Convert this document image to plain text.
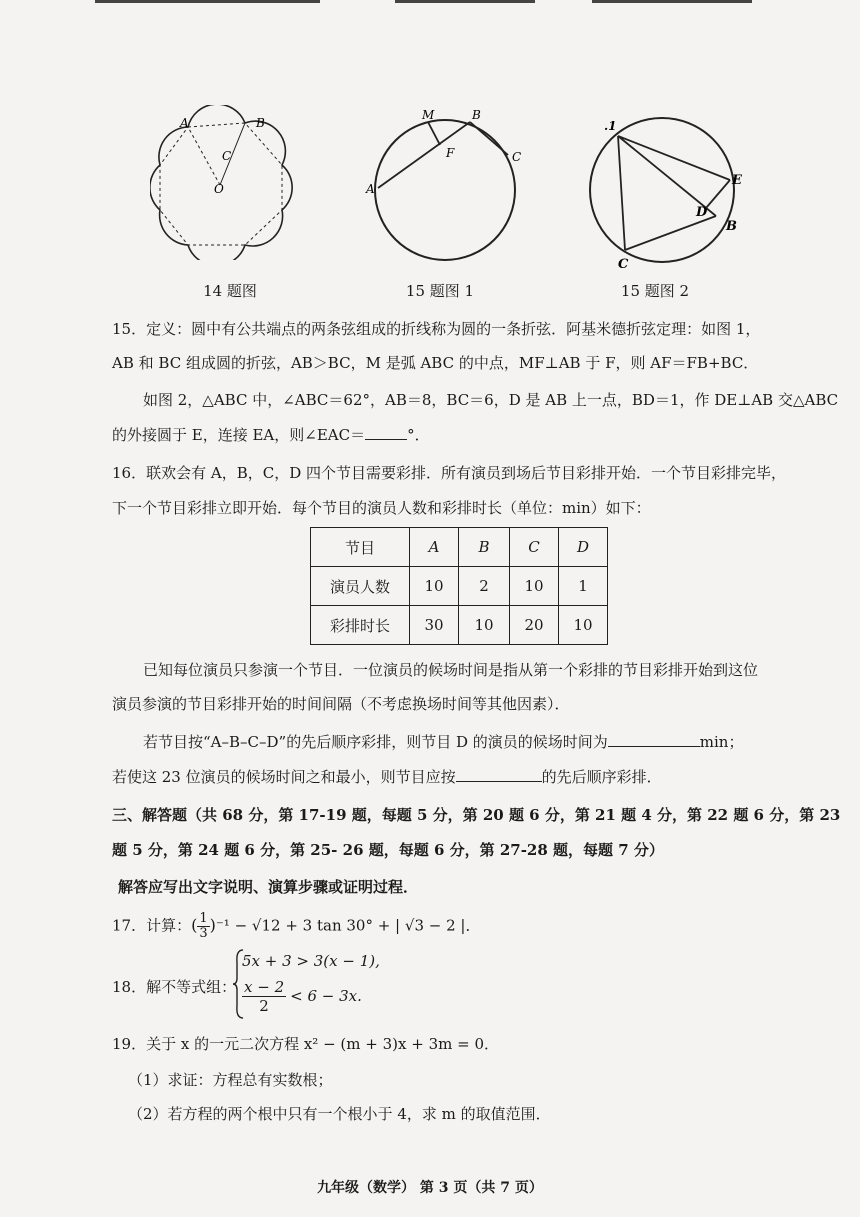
A	B
C
O
14 题图
M	B
C
F
A
15 题图 1
.1
E
D
B
C
15 题图 2
15．定义：圆中有公共端点的两条弦组成的折线称为圆的一条折弦．阿基米德折弦定理：如图 1，
AB 和 BC 组成圆的折弦，AB＞BC，M 是弧 ABC 的中点，MF⊥AB 于 F，则 AF＝FB+BC．
如图 2，△ABC 中，∠ABC＝62°，AB＝8，BC＝6，D 是 AB 上一点，BD＝1，作 DE⊥AB 交△ABC
的外接圆于 E，连接 EA，则∠EAC＝	°．
16．联欢会有 A，B，C，D 四个节目需要彩排．所有演员到场后节目彩排开始．一个节目彩排完毕，
下一个节目彩排立即开始．每个节目的演员人数和彩排时长（单位：min）如下：
节目	A	B	C	D
演员人数	10	2	10	1
彩排时长	30	10	20	10
已知每位演员只参演一个节目．一位演员的候场时间是指从第一个彩排的节目彩排开始到这位
演员参演的节目彩排开始的时间间隔（不考虑换场时间等其他因素）．
若节目按“A–B–C–D”的先后顺序彩排，则节目 D 的演员的候场时间为	min；
若使这 23 位演员的候场时间之和最小，则节目应按	的先后顺序彩排．
三、解答题（共 68 分，第 17-19 题，每题 5 分，第 20 题 6 分，第 21 题 4 分，第 22 题 6 分，第 23
题 5 分，第 24 题 6 分，第 25- 26 题，每题 6 分，第 27-28 题，每题 7 分）
解答应写出文字说明、演算步骤或证明过程．
17．计算：( $\frac{1}{3} )^{-1} - √12 + 3$ tan 30° + | √3 − 2 |．
18．解不等式组：
5x + 3 > 3(x − 1),
$\frac{x - 2}{2} < 6 - 3x$.
19．关于 x 的一元二次方程 x² − (m + 3)x + 3m = 0．
（1）求证：方程总有实数根；
（2）若方程的两个根中只有一个根小于 4，求 m 的取值范围．
九年级（数学） 第 3 页（共 7 页）
